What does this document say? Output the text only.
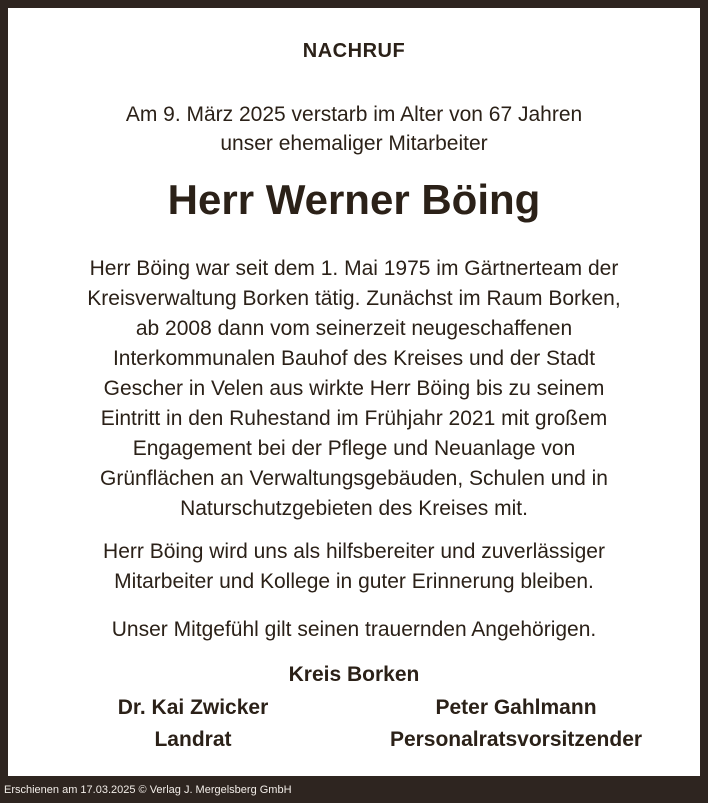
NACHRUF
Am 9. März 2025 verstarb im Alter von 67 Jahren
unser ehemaliger Mitarbeiter
Herr Werner Böing
Herr Böing war seit dem 1. Mai 1975 im Gärtnerteam der
Kreisverwaltung Borken tätig. Zunächst im Raum Borken,
ab 2008 dann vom seinerzeit neugeschaffenen
Interkommunalen Bauhof des Kreises und der Stadt
Gescher in Velen aus wirkte Herr Böing bis zu seinem
Eintritt in den Ruhestand im Frühjahr 2021 mit großem
Engagement bei der Pflege und Neuanlage von
Grünflächen an Verwaltungsgebäuden, Schulen und in
Naturschutzgebieten des Kreises mit.
Herr Böing wird uns als hilfsbereiter und zuverlässiger
Mitarbeiter und Kollege in guter Erinnerung bleiben.
Unser Mitgefühl gilt seinen trauernden Angehörigen.
Kreis Borken
Dr. Kai Zwicker
Landrat
Peter Gahlmann
Personalratsvorsitzender
Erschienen am 17.03.2025 © Verlag J. Mergelsberg GmbH
